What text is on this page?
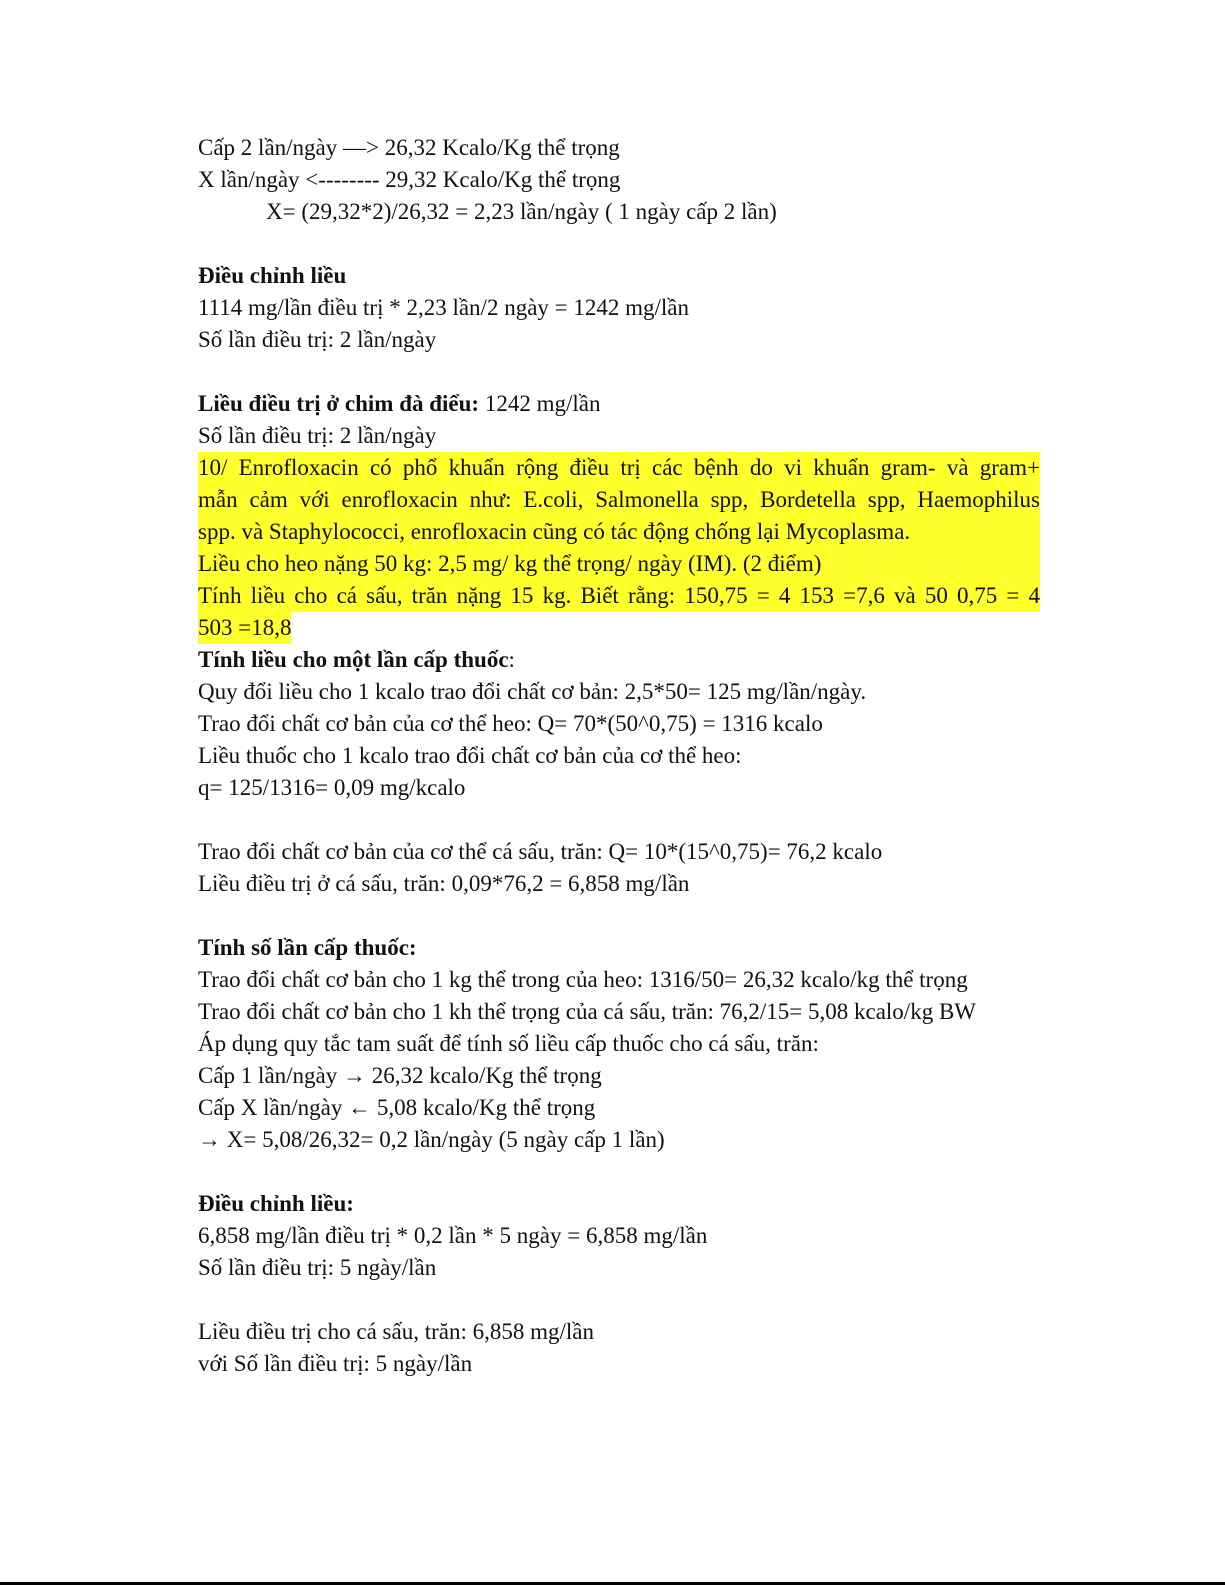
Cấp 2 lần/ngày —> 26,32 Kcalo/Kg thể trọng
X lần/ngày <-------- 29,32 Kcalo/Kg thể trọng
X= (29,32*2)/26,32 = 2,23 lần/ngày ( 1 ngày cấp 2 lần)
Điều chỉnh liều
1114 mg/lần điều trị * 2,23 lần/2 ngày = 1242 mg/lần
Số lần điều trị: 2 lần/ngày
Liều điều trị ở chim đà điểu: 1242 mg/lần
Số lần điều trị: 2 lần/ngày
10/ Enrofloxacin có phổ khuẩn rộng điều trị các bệnh do vi khuẩn gram- và gram+
mẫn cảm với enrofloxacin như: E.coli, Salmonella spp, Bordetella spp, Haemophilus
spp. và Staphylococci, enrofloxacin cũng có tác động chống lại Mycoplasma.
Liều cho heo nặng 50 kg: 2,5 mg/ kg thể trọng/ ngày (IM). (2 điểm)
Tính liều cho cá sấu, trăn nặng 15 kg. Biết rằng: 150,75 = 4 153 =7,6 và 50 0,75 = 4
503 =18,8
Tính liều cho một lần cấp thuốc:
Quy đổi liều cho 1 kcalo trao đổi chất cơ bản: 2,5*50= 125 mg/lần/ngày.
Trao đổi chất cơ bản của cơ thể heo: Q= 70*(50^0,75) = 1316 kcalo
Liều thuốc cho 1 kcalo trao đổi chất cơ bản của cơ thể heo:
q= 125/1316= 0,09 mg/kcalo
Trao đổi chất cơ bản của cơ thể cá sấu, trăn: Q= 10*(15^0,75)= 76,2 kcalo
Liều điều trị ở cá sấu, trăn: 0,09*76,2 = 6,858 mg/lần
Tính số lần cấp thuốc:
Trao đổi chất cơ bản cho 1 kg thể trong của heo: 1316/50= 26,32 kcalo/kg thể trọng
Trao đổi chất cơ bản cho 1 kh thể trọng của cá sấu, trăn: 76,2/15= 5,08 kcalo/kg BW
Áp dụng quy tắc tam suất để tính số liều cấp thuốc cho cá sấu, trăn:
Cấp 1 lần/ngày → 26,32 kcalo/Kg thể trọng
Cấp X lần/ngày ← 5,08 kcalo/Kg thể trọng
→ X= 5,08/26,32= 0,2 lần/ngày (5 ngày cấp 1 lần)
Điều chỉnh liều:
6,858 mg/lần điều trị * 0,2 lần * 5 ngày = 6,858 mg/lần
Số lần điều trị: 5 ngày/lần
Liều điều trị cho cá sấu, trăn: 6,858 mg/lần
với Số lần điều trị: 5 ngày/lần
